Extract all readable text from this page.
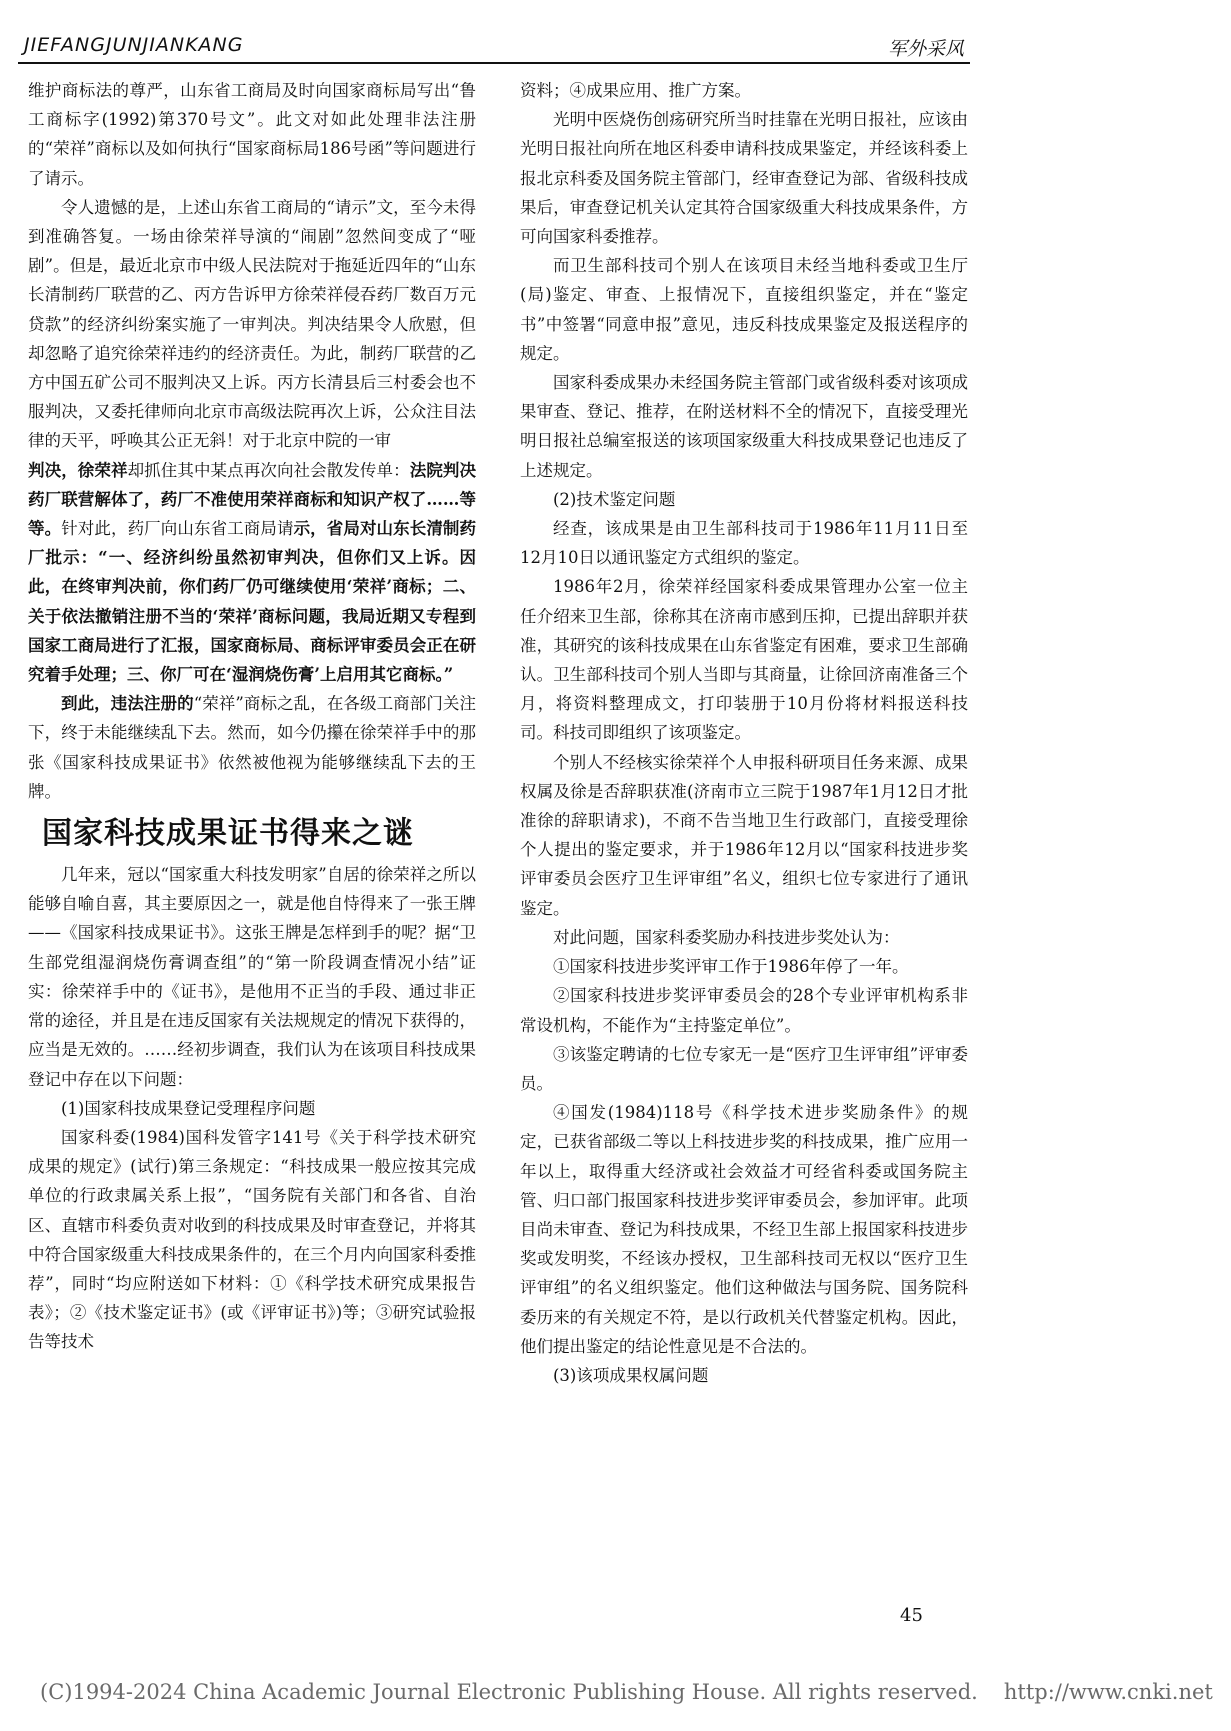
JIEFANGJUNJIANKANG	军外采风

维护商标法的尊严，山东省工商局及时向国家商标局写出“鲁工商标字(1992)第370号文”。此文对如此处理非法注册的“荣祥”商标以及如何执行“国家商标局186号函”等问题进行了请示。

令人遗憾的是，上述山东省工商局的“请示”文，至今未得到准确答复。一场由徐荣祥导演的“闹剧”忽然间变成了“哑剧”。但是，最近北京市中级人民法院对于拖延近四年的“山东长清制药厂联营的乙、丙方告诉甲方徐荣祥侵吞药厂数百万元贷款”的经济纠纷案实施了一审判决。判决结果令人欣慰，但却忽略了追究徐荣祥违约的经济责任。为此，制药厂联营的乙方中国五矿公司不服判决又上诉。丙方长清县后三村委会也不服判决，又委托律师向北京市高级法院再次上诉，公众注目法律的天平，呼唤其公正无斜！对于北京中院的一审

判决，徐荣祥却抓住其中某点再次向社会散发传单：法院判决药厂联营解体了，药厂不准使用荣祥商标和知识产权了……等等。针对此，药厂向山东省工商局请示，省局对山东长清制药厂批示：“一、经济纠纷虽然初审判决，但你们又上诉。因此，在终审判决前，你们药厂仍可继续使用‘荣祥’商标；二、关于依法撤销注册不当的‘荣祥’商标问题，我局近期又专程到国家工商局进行了汇报，国家商标局、商标评审委员会正在研究着手处理；三、你厂可在‘湿润烧伤膏’上启用其它商标。”

到此，违法注册的“荣祥”商标之乱，在各级工商部门关注下，终于未能继续乱下去。然而，如今仍攥在徐荣祥手中的那张《国家科技成果证书》依然被他视为能够继续乱下去的王牌。

国家科技成果证书得来之谜

几年来，冠以“国家重大科技发明家”自居的徐荣祥之所以能够自喻自喜，其主要原因之一，就是他自恃得来了一张王牌——《国家科技成果证书》。这张王牌是怎样到手的呢？据“卫生部党组湿润烧伤膏调查组”的“第一阶段调查情况小结”证实：徐荣祥手中的《证书》，是他用不正当的手段、通过非正常的途径，并且是在违反国家有关法规规定的情况下获得的，应当是无效的。……经初步调查，我们认为在该项目科技成果登记中存在以下问题：

(1)国家科技成果登记受理程序问题

国家科委(1984)国科发管字141号《关于科学技术研究成果的规定》(试行)第三条规定：“科技成果一般应按其完成单位的行政隶属关系上报”，“国务院有关部门和各省、自治区、直辖市科委负责对收到的科技成果及时审查登记，并将其中符合国家级重大科技成果条件的，在三个月内向国家科委推荐”，同时“均应附送如下材料：①《科学技术研究成果报告表》；②《技术鉴定证书》(或《评审证书》)等；③研究试验报告等技术

资料；④成果应用、推广方案。

光明中医烧伤创疡研究所当时挂靠在光明日报社，应该由光明日报社向所在地区科委申请科技成果鉴定，并经该科委上报北京科委及国务院主管部门，经审查登记为部、省级科技成果后，审查登记机关认定其符合国家级重大科技成果条件，方可向国家科委推荐。

而卫生部科技司个别人在该项目未经当地科委或卫生厅(局)鉴定、审查、上报情况下，直接组织鉴定，并在“鉴定书”中签署“同意申报”意见，违反科技成果鉴定及报送程序的规定。

国家科委成果办未经国务院主管部门或省级科委对该项成果审查、登记、推荐，在附送材料不全的情况下，直接受理光明日报社总编室报送的该项国家级重大科技成果登记也违反了上述规定。

(2)技术鉴定问题

经查，该成果是由卫生部科技司于1986年11月11日至12月10日以通讯鉴定方式组织的鉴定。

1986年2月，徐荣祥经国家科委成果管理办公室一位主任介绍来卫生部，徐称其在济南市感到压抑，已提出辞职并获准，其研究的该科技成果在山东省鉴定有困难，要求卫生部确认。卫生部科技司个别人当即与其商量，让徐回济南准备三个月，将资料整理成文，打印装册于10月份将材料报送科技司。科技司即组织了该项鉴定。

个别人不经核实徐荣祥个人申报科研项目任务来源、成果权属及徐是否辞职获准(济南市立三院于1987年1月12日才批准徐的辞职请求)，不商不告当地卫生行政部门，直接受理徐个人提出的鉴定要求，并于1986年12月以“国家科技进步奖评审委员会医疗卫生评审组”名义，组织七位专家进行了通讯鉴定。

对此问题，国家科委奖励办科技进步奖处认为：

①国家科技进步奖评审工作于1986年停了一年。

②国家科技进步奖评审委员会的28个专业评审机构系非常设机构，不能作为“主持鉴定单位”。

③该鉴定聘请的七位专家无一是“医疗卫生评审组”评审委员。

④国发(1984)118号《科学技术进步奖励条件》的规定，已获省部级二等以上科技进步奖的科技成果，推广应用一年以上，取得重大经济或社会效益才可经省科委或国务院主管、归口部门报国家科技进步奖评审委员会，参加评审。此项目尚未审查、登记为科技成果，不经卫生部上报国家科技进步奖或发明奖，不经该办授权，卫生部科技司无权以“医疗卫生评审组”的名义组织鉴定。他们这种做法与国务院、国务院科委历来的有关规定不符，是以行政机关代替鉴定机构。因此，他们提出鉴定的结论性意见是不合法的。

(3)该项成果权属问题

45
(C)1994-2024 China Academic Journal Electronic Publishing House. All rights reserved. http://www.cnki.net
